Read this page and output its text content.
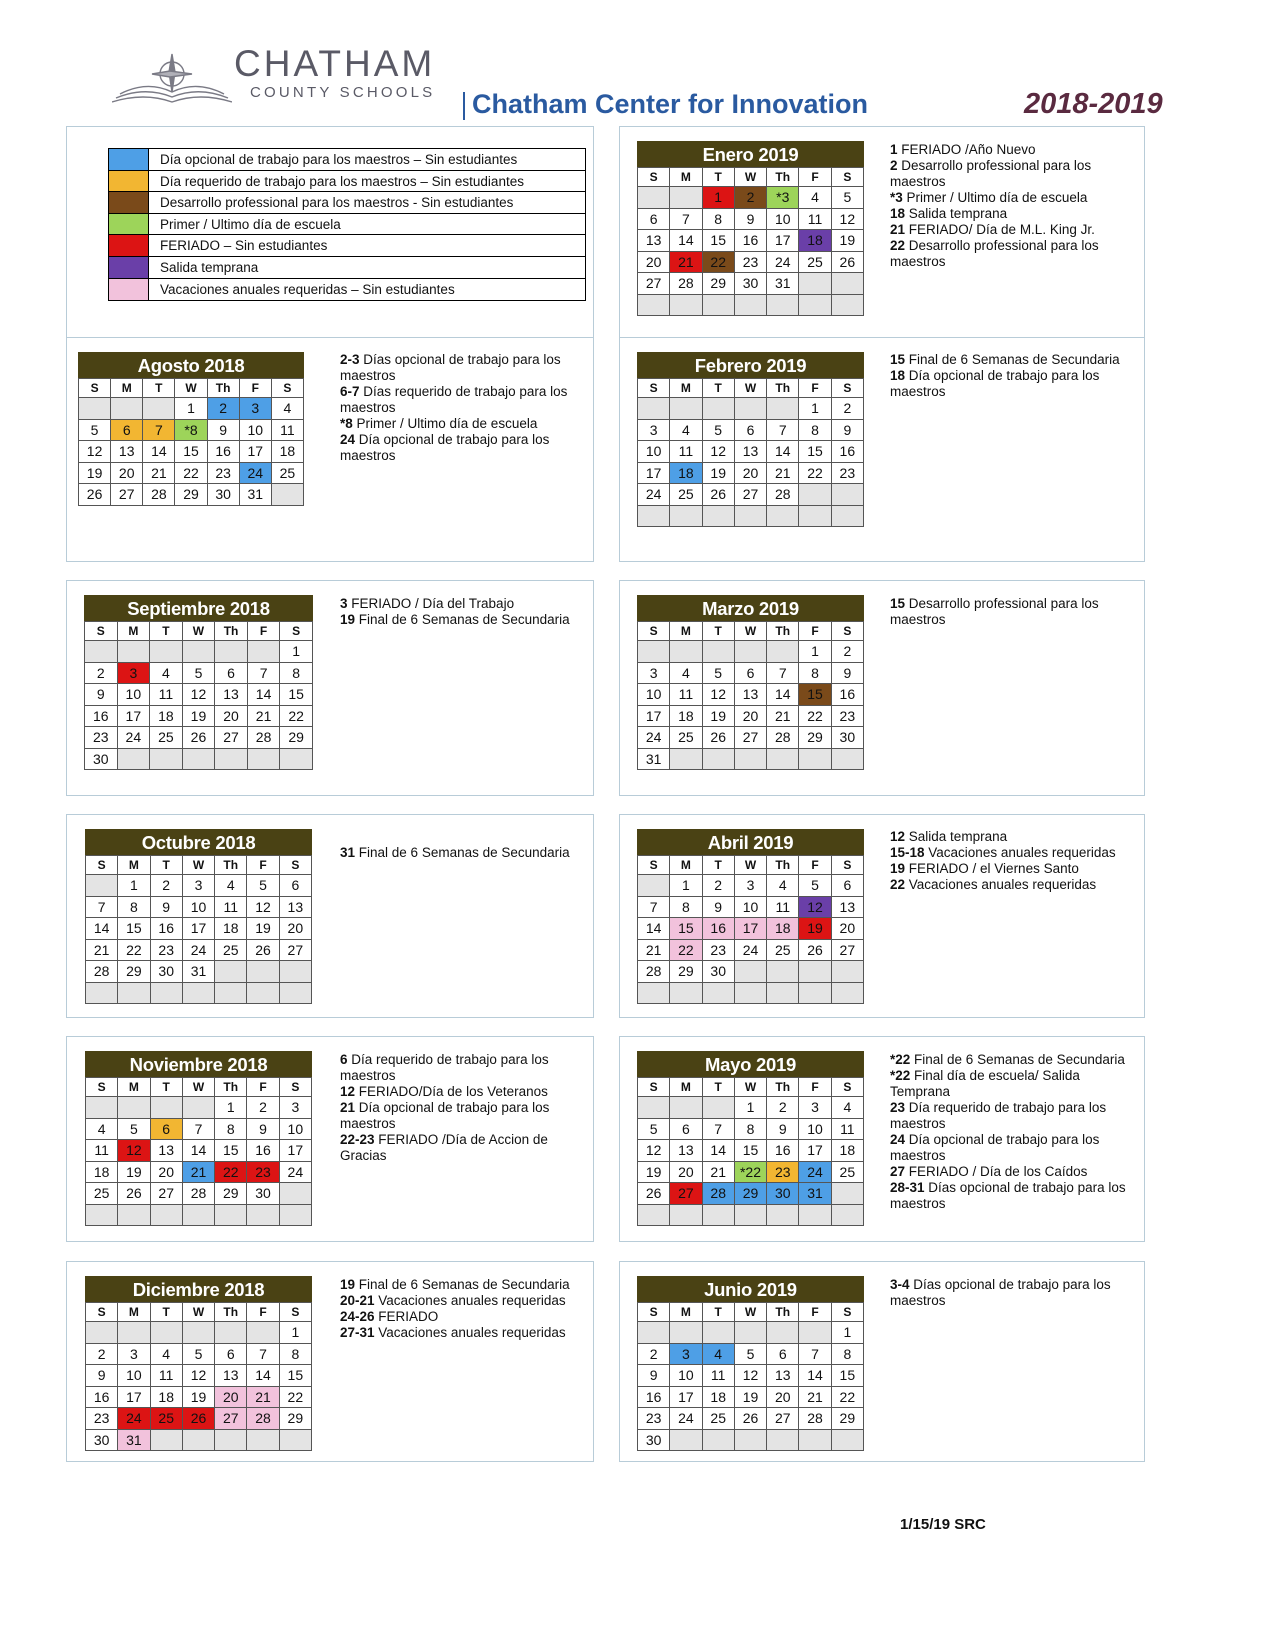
CHATHAM
COUNTY SCHOOLS Chatham Center for Innovation	2018-2019
Día opcional de trabajo para los maestros – Sin estudiantes
Día requerido de trabajo para los maestros – Sin estudiantes
Desarrollo professional para los maestros - Sin estudiantes
Primer / Ultimo día de escuela
FERIADO – Sin estudiantes
Salida temprana
Vacaciones anuales requeridas – Sin estudiantes
Agosto 2018
S	M	T	W	Th	F	S
			1	2	3	4
5	6	7	*8	9	10	11
12	13	14	15	16	17	18
19	20	21	22	23	24	25
26	27	28	29	30	31	
Septiembre 2018
S	M	T	W	Th	F	S
						1
2	3	4	5	6	7	8
9	10	11	12	13	14	15
16	17	18	19	20	21	22
23	24	25	26	27	28	29
30						
Octubre 2018
S	M	T	W	Th	F	S
	1	2	3	4	5	6
7	8	9	10	11	12	13
14	15	16	17	18	19	20
21	22	23	24	25	26	27
28	29	30	31			

Noviembre 2018
S	M	T	W	Th	F	S
				1	2	3
4	5	6	7	8	9	10
11	12	13	14	15	16	17
18	19	20	21	22	23	24
25	26	27	28	29	30	

Diciembre 2018
S	M	T	W	Th	F	S
						1
2	3	4	5	6	7	8
9	10	11	12	13	14	15
16	17	18	19	20	21	22
23	24	25	26	27	28	29
30	31					
Enero 2019
S	M	T	W	Th	F	S
		1	2	*3	4	5
6	7	8	9	10	11	12
13	14	15	16	17	18	19
20	21	22	23	24	25	26
27	28	29	30	31		

Febrero 2019
S	M	T	W	Th	F	S
					1	2
3	4	5	6	7	8	9
10	11	12	13	14	15	16
17	18	19	20	21	22	23
24	25	26	27	28		

Marzo 2019
S	M	T	W	Th	F	S
					1	2
3	4	5	6	7	8	9
10	11	12	13	14	15	16
17	18	19	20	21	22	23
24	25	26	27	28	29	30
31						
Abril 2019
S	M	T	W	Th	F	S
	1	2	3	4	5	6
7	8	9	10	11	12	13
14	15	16	17	18	19	20
21	22	23	24	25	26	27
28	29	30				

Mayo 2019
S	M	T	W	Th	F	S
			1	2	3	4
5	6	7	8	9	10	11
12	13	14	15	16	17	18
19	20	21	*22	23	24	25
26	27	28	29	30	31	

Junio 2019
S	M	T	W	Th	F	S
						1
2	3	4	5	6	7	8
9	10	11	12	13	14	15
16	17	18	19	20	21	22
23	24	25	26	27	28	29
30						

2-3 Días opcional de trabajo para los maestros

6-7 Días requerido de trabajo para los maestros

*8 Primer / Ultimo día de escuela

24 Día opcional de trabajo para los maestros

3 FERIADO / Día del Trabajo

19 Final de 6 Semanas de Secundaria

31 Final de 6 Semanas de Secundaria

6 Día requerido de trabajo para los maestros

12 FERIADO/Día de los Veteranos

21 Día opcional de trabajo para los maestros

22-23 FERIADO /Día de Accion de Gracias

19 Final de 6 Semanas de Secundaria

20-21 Vacaciones anuales requeridas

24-26 FERIADO

27-31 Vacaciones anuales requeridas

1 FERIADO /Año Nuevo

2 Desarrollo professional para los maestros

*3 Primer / Ultimo día de escuela

18 Salida temprana

21 FERIADO/ Día de M.L. King Jr.

22 Desarrollo professional para los maestros

15 Final de 6 Semanas de Secundaria

18 Día opcional de trabajo para los maestros

15 Desarrollo professional para los maestros

12 Salida temprana

15-18 Vacaciones anuales requeridas

19 FERIADO / el Viernes Santo

22 Vacaciones anuales requeridas

*22 Final de 6 Semanas de Secundaria

*22 Final día de escuela/ Salida Temprana

23 Día requerido de trabajo para los maestros

24 Día opcional de trabajo para los maestros

27 FERIADO / Día de los Caídos

28-31 Días opcional de trabajo para los maestros

3-4 Días opcional de trabajo para los maestros

1/15/19 SRC
